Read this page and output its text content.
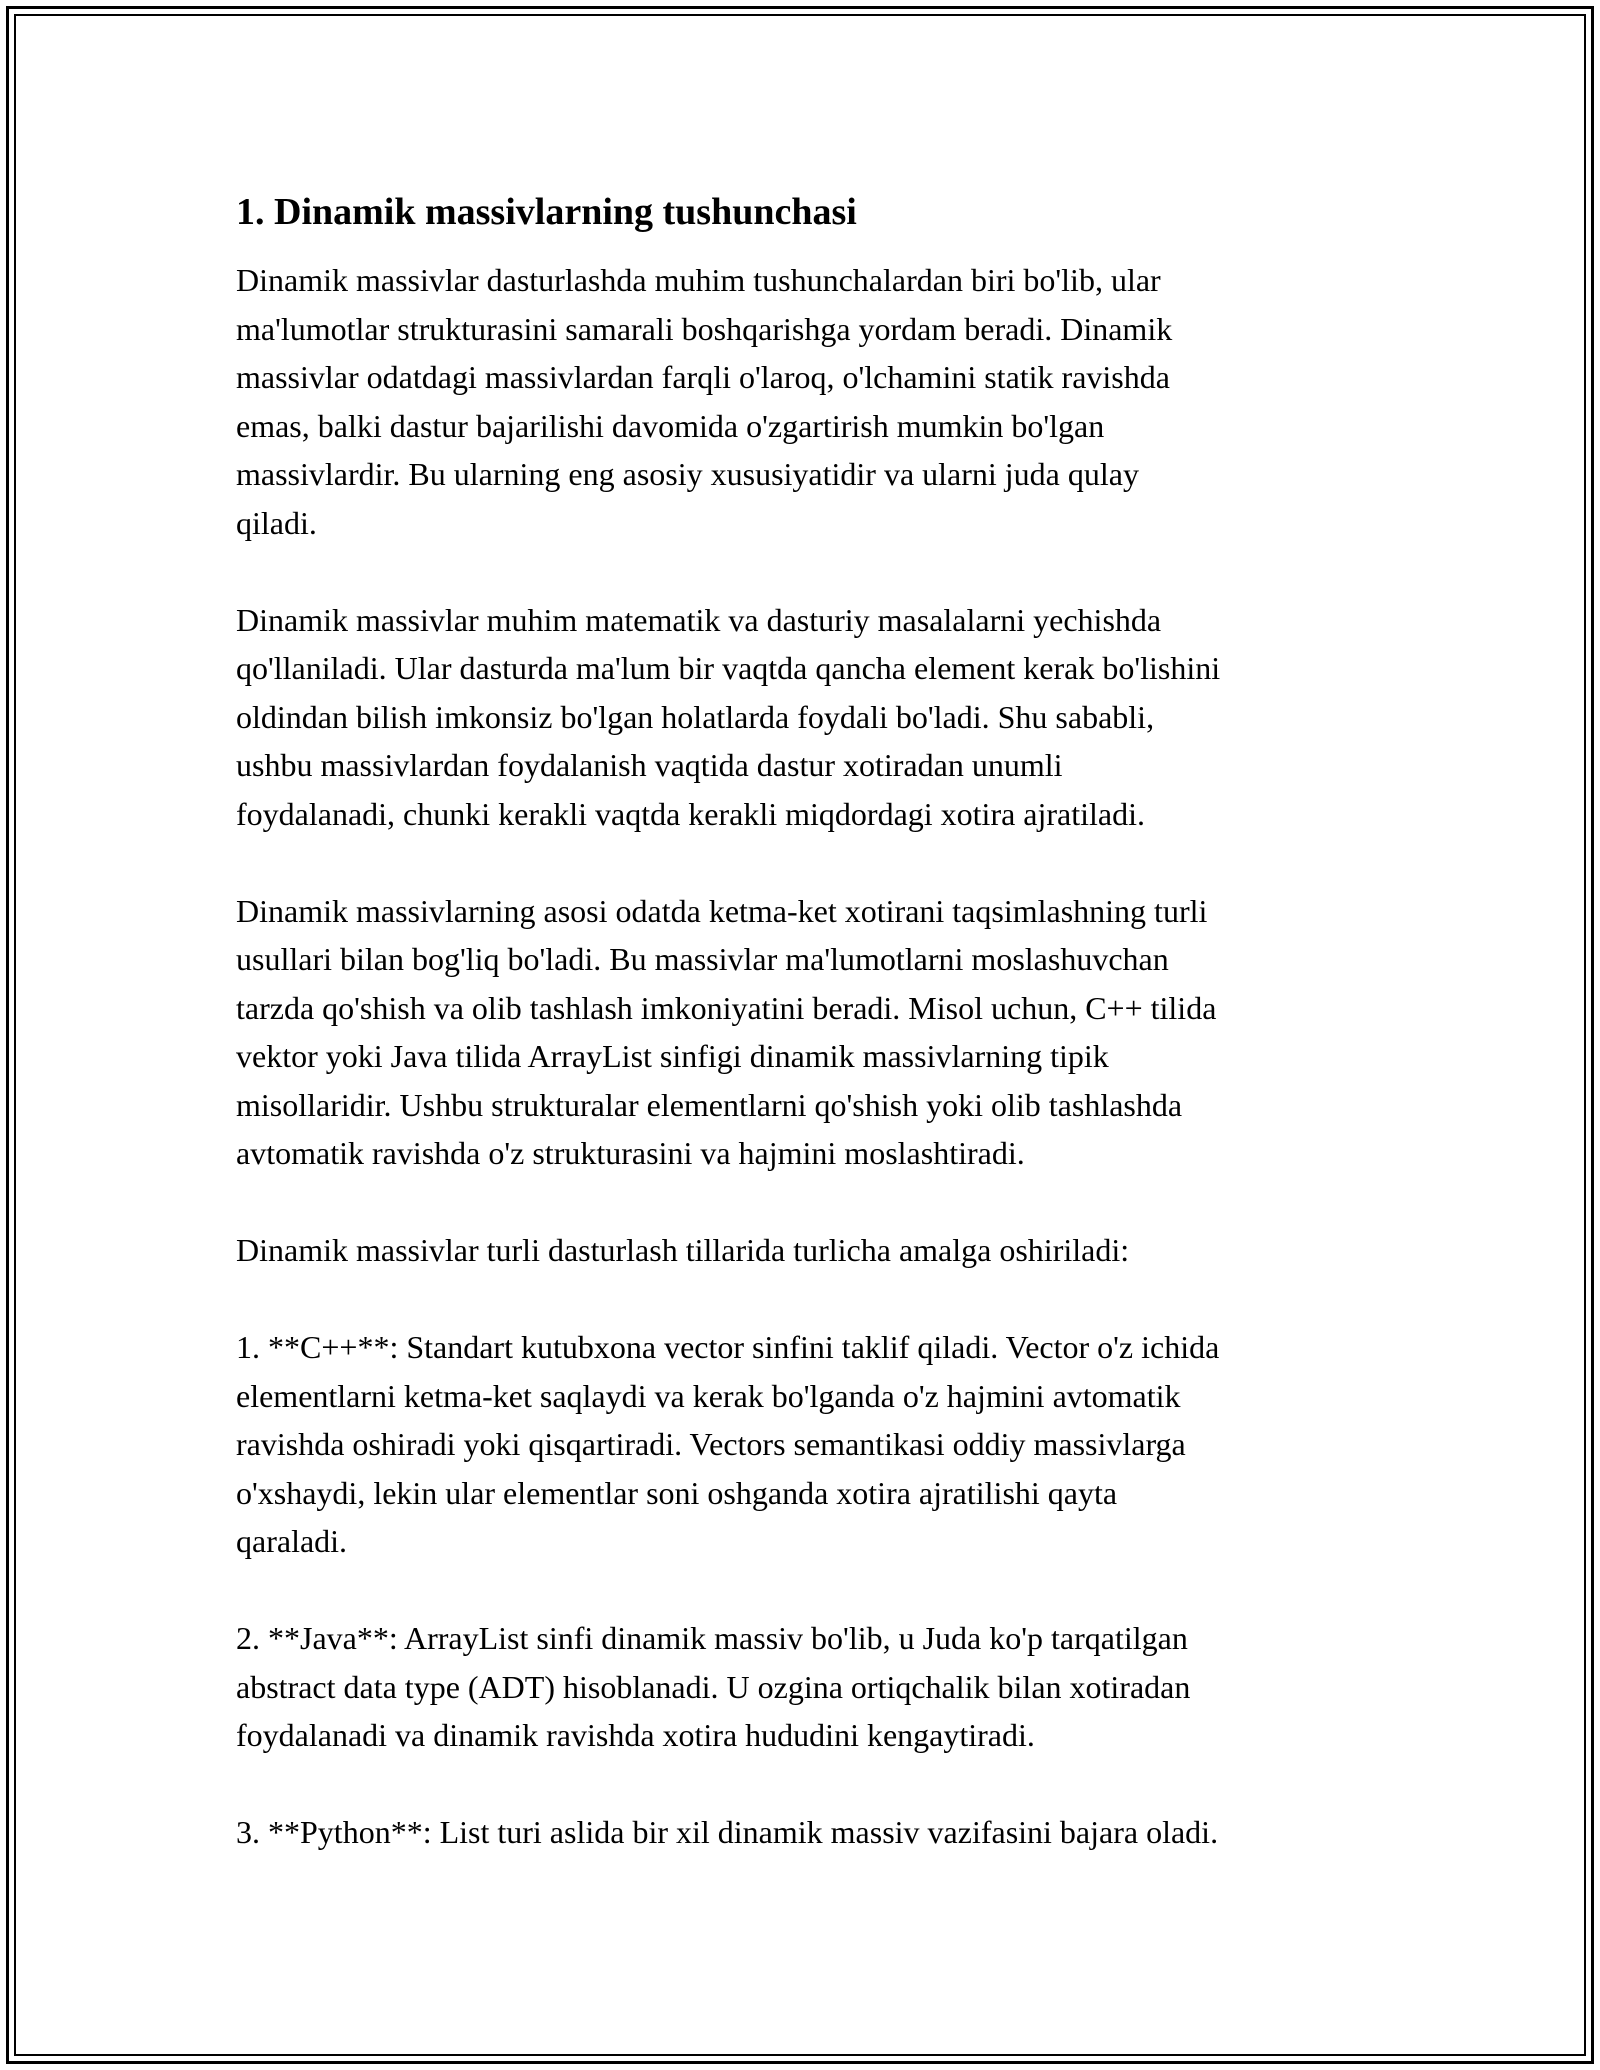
1. Dinamik massivlarning tushunchasi

Dinamik massivlar dasturlashda muhim tushunchalardan biri bo'lib, ular
ma'lumotlar strukturasini samarali boshqarishga yordam beradi. Dinamik
massivlar odatdagi massivlardan farqli o'laroq, o'lchamini statik ravishda
emas, balki dastur bajarilishi davomida o'zgartirish mumkin bo'lgan
massivlardir. Bu ularning eng asosiy xususiyatidir va ularni juda qulay
qiladi.

Dinamik massivlar muhim matematik va dasturiy masalalarni yechishda
qo'llaniladi. Ular dasturda ma'lum bir vaqtda qancha element kerak bo'lishini
oldindan bilish imkonsiz bo'lgan holatlarda foydali bo'ladi. Shu sababli,
ushbu massivlardan foydalanish vaqtida dastur xotiradan unumli
foydalanadi, chunki kerakli vaqtda kerakli miqdordagi xotira ajratiladi.

Dinamik massivlarning asosi odatda ketma-ket xotirani taqsimlashning turli
usullari bilan bog'liq bo'ladi. Bu massivlar ma'lumotlarni moslashuvchan
tarzda qo'shish va olib tashlash imkoniyatini beradi. Misol uchun, C++ tilida
vektor yoki Java tilida ArrayList sinfigi dinamik massivlarning tipik
misollaridir. Ushbu strukturalar elementlarni qo'shish yoki olib tashlashda
avtomatik ravishda o'z strukturasini va hajmini moslashtiradi.

Dinamik massivlar turli dasturlash tillarida turlicha amalga oshiriladi:

1. **C++**: Standart kutubxona vector sinfini taklif qiladi. Vector o'z ichida
elementlarni ketma-ket saqlaydi va kerak bo'lganda o'z hajmini avtomatik
ravishda oshiradi yoki qisqartiradi. Vectors semantikasi oddiy massivlarga
o'xshaydi, lekin ular elementlar soni oshganda xotira ajratilishi qayta
qaraladi.

2. **Java**: ArrayList sinfi dinamik massiv bo'lib, u Juda ko'p tarqatilgan
abstract data type (ADT) hisoblanadi. U ozgina ortiqchalik bilan xotiradan
foydalanadi va dinamik ravishda xotira hududini kengaytiradi.

3. **Python**: List turi aslida bir xil dinamik massiv vazifasini bajara oladi.
